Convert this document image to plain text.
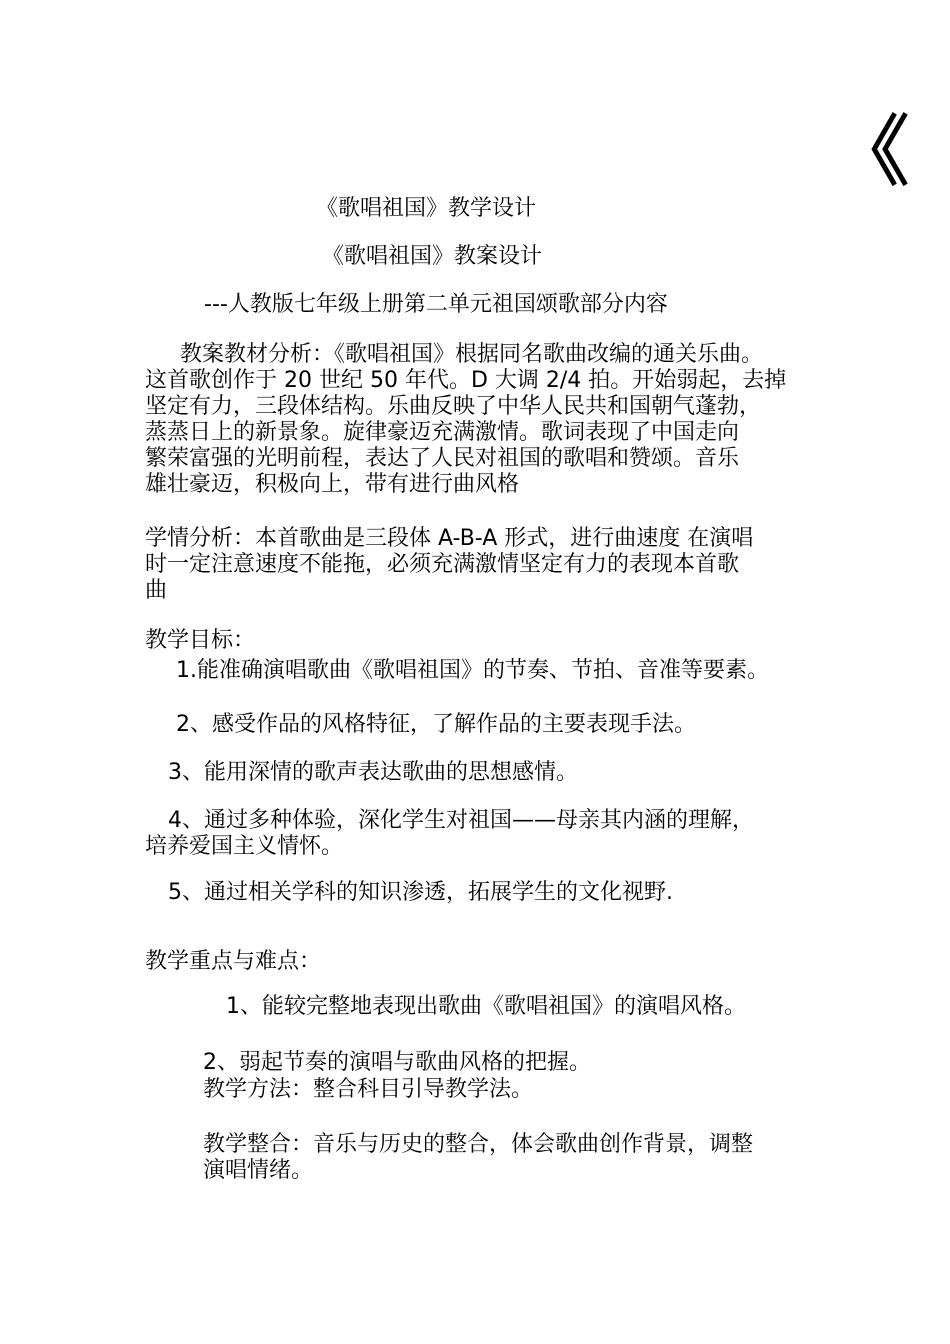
《
《歌唱祖国》教学设计
《歌唱祖国》教案设计
---人教版七年级上册第二单元祖国颂歌部分内容
教案教材分析：《歌唱祖国》根据同名歌曲改编的通关乐曲。
这首歌创作于 20 世纪 50 年代。D 大调 2/4 拍。开始弱起，去掉
坚定有力，三段体结构。乐曲反映了中华人民共和国朝气蓬勃，
蒸蒸日上的新景象。旋律豪迈充满激情。歌词表现了中国走向
繁荣富强的光明前程，表达了人民对祖国的歌唱和赞颂。音乐
雄壮豪迈，积极向上，带有进行曲风格
学情分析：本首歌曲是三段体 A-B-A 形式，进行曲速度 在演唱
时一定注意速度不能拖，必须充满激情坚定有力的表现本首歌
曲
教学目标：
1.能准确演唱歌曲《歌唱祖国》的节奏、节拍、音准等要素。
2、感受作品的风格特征，了解作品的主要表现手法。
3、能用深情的歌声表达歌曲的思想感情。
4、通过多种体验，深化学生对祖国——母亲其内涵的理解，
培养爱国主义情怀。
5、通过相关学科的知识渗透，拓展学生的文化视野.
教学重点与难点：
1、能较完整地表现出歌曲《歌唱祖国》的演唱风格。
2、弱起节奏的演唱与歌曲风格的把握。
教学方法：整合科目引导教学法。
教学整合：音乐与历史的整合，体会歌曲创作背景，调整
演唱情绪。
